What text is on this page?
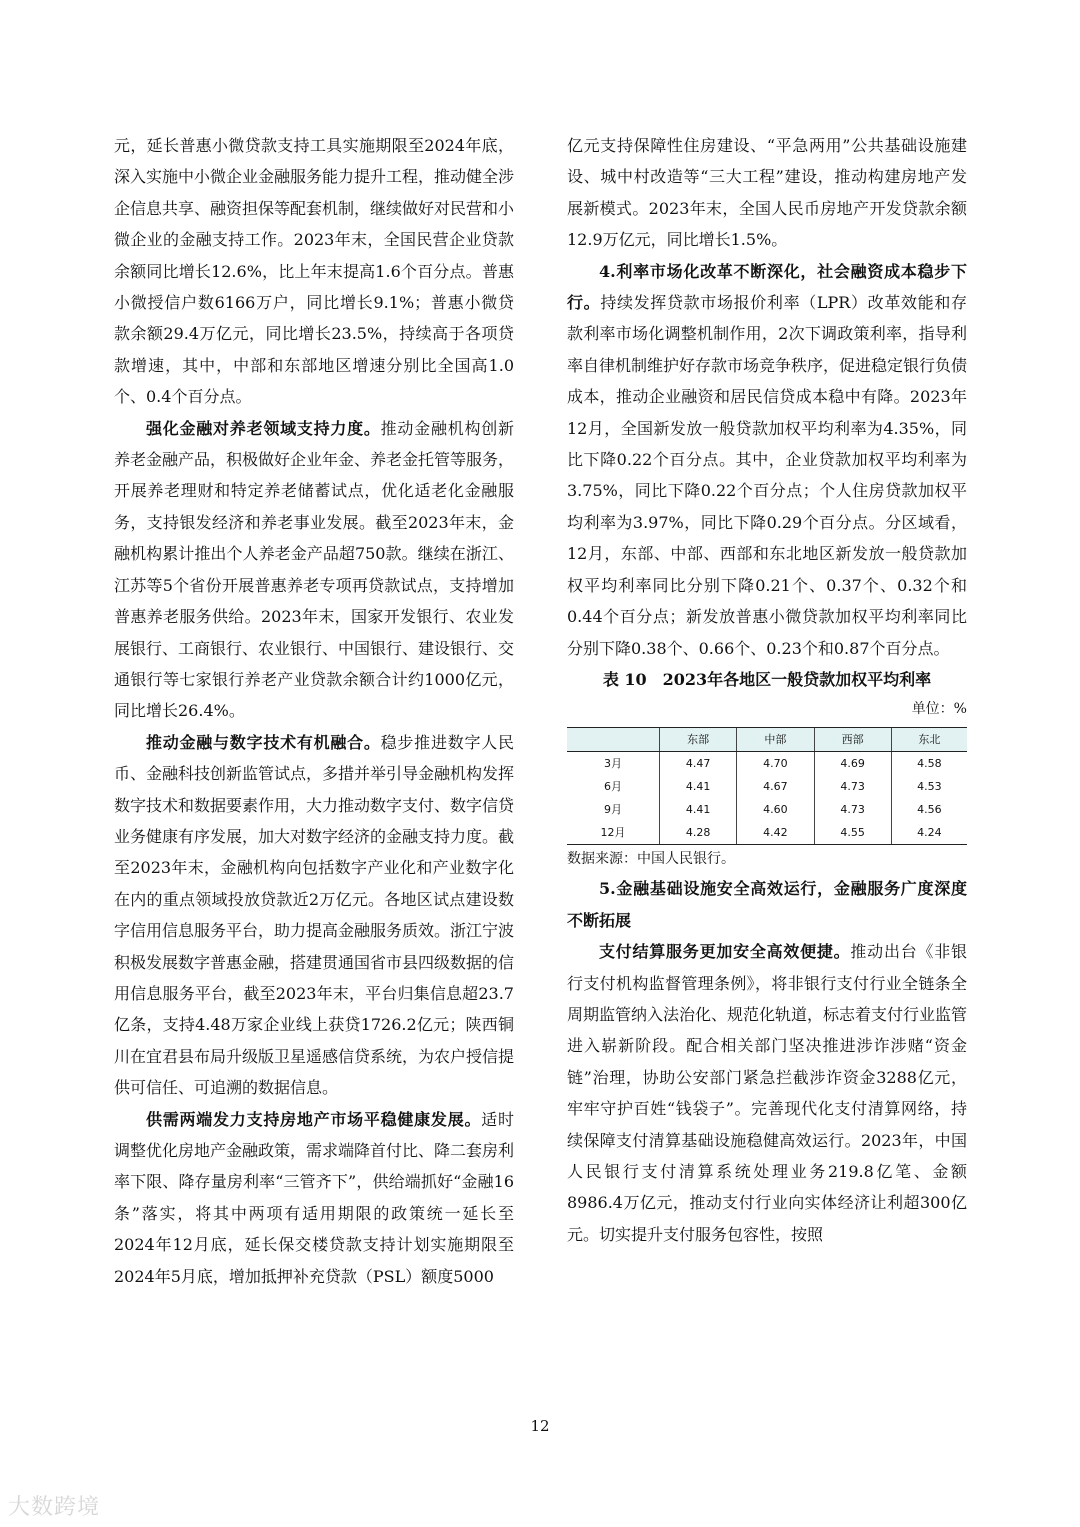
元，延长普惠小微贷款支持工具实施期限至2024年底，深入实施中小微企业金融服务能力提升工程，推动健全涉企信息共享、融资担保等配套机制，继续做好对民营和小微企业的金融支持工作。2023年末，全国民营企业贷款余额同比增长12.6%，比上年末提高1.6个百分点。普惠小微授信户数6166万户，同比增长9.1%；普惠小微贷款余额29.4万亿元，同比增长23.5%，持续高于各项贷款增速，其中，中部和东部地区增速分别比全国高1.0个、0.4个百分点。

强化金融对养老领域支持力度。推动金融机构创新养老金融产品，积极做好企业年金、养老金托管等服务，开展养老理财和特定养老储蓄试点，优化适老化金融服务，支持银发经济和养老事业发展。截至2023年末，金融机构累计推出个人养老金产品超750款。继续在浙江、江苏等5个省份开展普惠养老专项再贷款试点，支持增加普惠养老服务供给。2023年末，国家开发银行、农业发展银行、工商银行、农业银行、中国银行、建设银行、交通银行等七家银行养老产业贷款余额合计约1000亿元，同比增长26.4%。

推动金融与数字技术有机融合。稳步推进数字人民币、金融科技创新监管试点，多措并举引导金融机构发挥数字技术和数据要素作用，大力推动数字支付、数字信贷业务健康有序发展，加大对数字经济的金融支持力度。截至2023年末，金融机构向包括数字产业化和产业数字化在内的重点领域投放贷款近2万亿元。各地区试点建设数字信用信息服务平台，助力提高金融服务质效。浙江宁波积极发展数字普惠金融，搭建贯通国省市县四级数据的信用信息服务平台，截至2023年末，平台归集信息超23.7亿条，支持4.48万家企业线上获贷1726.2亿元；陕西铜川在宜君县布局升级版卫星遥感信贷系统，为农户授信提供可信任、可追溯的数据信息。

供需两端发力支持房地产市场平稳健康发展。适时调整优化房地产金融政策，需求端降首付比、降二套房利率下限、降存量房利率“三管齐下”，供给端抓好“金融16条”落实，将其中两项有适用期限的政策统一延长至2024年12月底，延长保交楼贷款支持计划实施期限至2024年5月底，增加抵押补充贷款（PSL）额度5000

亿元支持保障性住房建设、“平急两用”公共基础设施建设、城中村改造等“三大工程”建设，推动构建房地产发展新模式。2023年末，全国人民币房地产开发贷款余额12.9万亿元，同比增长1.5%。

4.利率市场化改革不断深化，社会融资成本稳步下行。持续发挥贷款市场报价利率（LPR）改革效能和存款利率市场化调整机制作用，2次下调政策利率，指导利率自律机制维护好存款市场竞争秩序，促进稳定银行负债成本，推动企业融资和居民信贷成本稳中有降。2023年12月，全国新发放一般贷款加权平均利率为4.35%，同比下降0.22个百分点。其中，企业贷款加权平均利率为3.75%，同比下降0.22个百分点；个人住房贷款加权平均利率为3.97%，同比下降0.29个百分点。分区域看，12月，东部、中部、西部和东北地区新发放一般贷款加权平均利率同比分别下降0.21个、0.37个、0.32个和0.44个百分点；新发放普惠小微贷款加权平均利率同比分别下降0.38个、0.66个、0.23个和0.87个百分点。

表 10　2023年各地区一般贷款加权平均利率

单位：%

	东部	中部	西部	东北
3月	4.47	4.70	4.69	4.58
6月	4.41	4.67	4.73	4.53
9月	4.41	4.60	4.73	4.56
12月	4.28	4.42	4.55	4.24

数据来源：中国人民银行。

5.金融基础设施安全高效运行，金融服务广度深度不断拓展

支付结算服务更加安全高效便捷。推动出台《非银行支付机构监督管理条例》，将非银行支付行业全链条全周期监管纳入法治化、规范化轨道，标志着支付行业监管进入崭新阶段。配合相关部门坚决推进涉诈涉赌“资金链”治理，协助公安部门紧急拦截涉诈资金3288亿元，牢牢守护百姓“钱袋子”。完善现代化支付清算网络，持续保障支付清算基础设施稳健高效运行。2023年，中国人民银行支付清算系统处理业务219.8亿笔、金额8986.4万亿元，推动支付行业向实体经济让利超300亿元。切实提升支付服务包容性，按照

12
大数跨境
